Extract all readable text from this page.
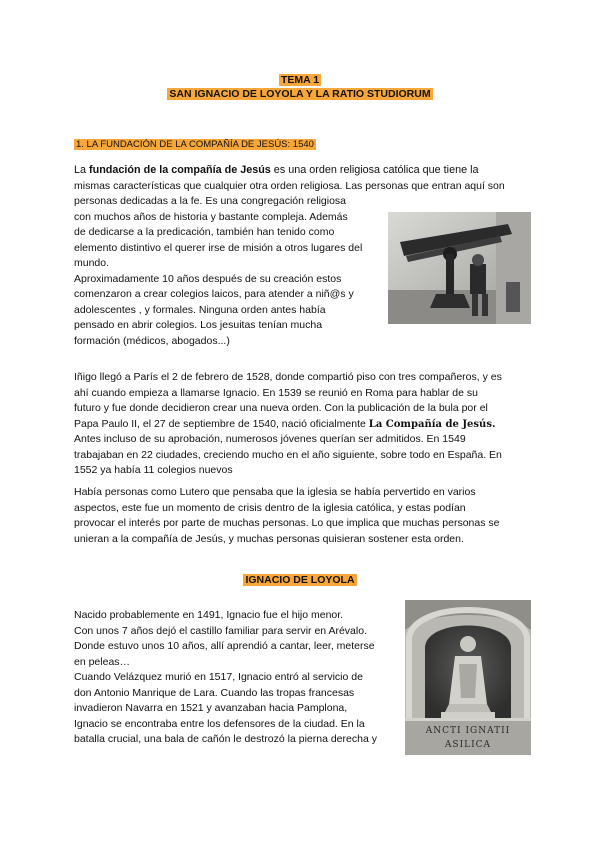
TEMA 1
SAN IGNACIO DE LOYOLA Y LA RATIO STUDIORUM
1. LA FUNDACIÓN DE LA COMPAÑÍA DE JESÚS: 1540
La fundación de la compañía de Jesús es una orden religiosa católica que tiene la
mismas características que cualquier otra orden religiosa. Las personas que entran aquí son
personas dedicadas a la fe. Es una congregación religiosa
con muchos años de historia y bastante compleja. Además
de dedicarse a la predicación, también han tenido como
elemento distintivo el querer irse de misión a otros lugares del
mundo.
Aproximadamente 10 años después de su creación estos
comenzaron a crear colegios laicos, para atender a niñ@s y
adolescentes , y formales. Ninguna orden antes había
pensado en abrir colegios. Los jesuitas tenían mucha
formación (médicos, abogados...)
Iñigo llegó a París el 2 de febrero de 1528, donde compartió piso con tres compañeros, y es
ahí cuando empieza a llamarse Ignacio. En 1539 se reunió en Roma para hablar de su
futuro y fue donde decidieron crear una nueva orden. Con la publicación de la bula por el
Papa Paulo II, el 27 de septiembre de 1540, nació oficialmente La Compañía de Jesús.
Antes incluso de su aprobación, numerosos jóvenes querían ser admitidos. En 1549
trabajaban en 22 ciudades, creciendo mucho en el año siguiente, sobre todo en España. En
1552 ya había 11 colegios nuevos
Había personas como Lutero que pensaba que la iglesia se había pervertido en varios
aspectos, este fue un momento de crisis dentro de la iglesia católica, y estas podían
provocar el interés por parte de muchas personas. Lo que implica que muchas personas se
unieran a la compañía de Jesús, y muchas personas quisieran sostener esta orden.
IGNACIO DE LOYOLA
Nacido probablemente en 1491, Ignacio fue el hijo menor.
Con unos 7 años dejó el castillo familiar para servir en Arévalo.
Donde estuvo unos 10 años, allí aprendió a cantar, leer, meterse
en peleas…
Cuando Velázquez murió en 1517, Ignacio entró al servicio de
don Antonio Manrique de Lara. Cuando las tropas francesas
invadieron Navarra en 1521 y avanzaban hacia Pamplona,
Ignacio se encontraba entre los defensores de la ciudad. En la
batalla crucial, una bala de cañón le destrozó la pierna derecha y
ANCTI IGNATII
ASILICA
